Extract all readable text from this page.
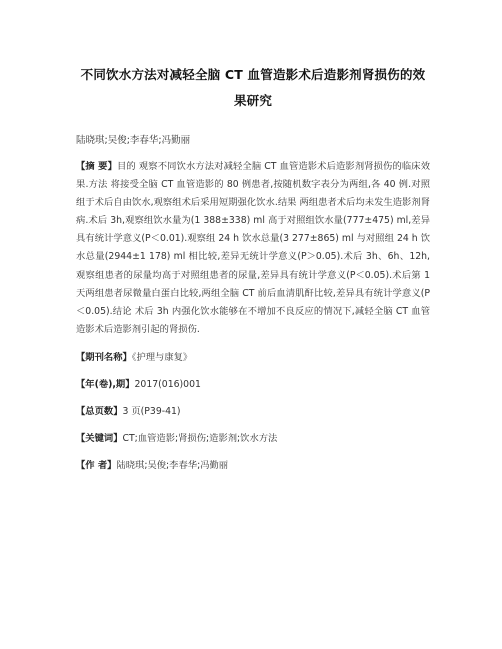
不同饮水方法对减轻全脑 CT 血管造影术后造影剂肾损伤的效果研究
陆晓琪;吴俊;李春华;冯勤丽
【摘 要】目的 观察不同饮水方法对减轻全脑 CT 血管造影术后造影剂肾损伤的临床效果.方法 将接受全脑 CT 血管造影的 80 例患者,按随机数字表分为两组,各 40 例.对照组于术后自由饮水,观察组术后采用短期强化饮水.结果 两组患者术后均未发生造影剂肾病.术后 3h,观察组饮水量为(1 388±338) ml 高于对照组饮水量(777±475) ml,差异具有统计学意义(P＜0.01).观察组 24 h 饮水总量(3 277±865) ml 与对照组 24 h 饮水总量(2944±1 178) ml 相比较,差异无统计学意义(P＞0.05).术后 3h、6h、12h,观察组患者的尿量均高于对照组患者的尿量,差异具有统计学意义(P＜0.05).术后第 1 天两组患者尿微量白蛋白比较,两组全脑 CT 前后血清肌酐比较,差异具有统计学意义(P＜0.05).结论 术后 3h 内强化饮水能够在不增加不良反应的情况下,减轻全脑 CT 血管造影术后造影剂引起的肾损伤.
【期刊名称】《护理与康复》
【年(卷),期】2017(016)001
【总页数】3 页(P39-41)
【关键词】CT;血管造影;肾损伤;造影剂;饮水方法
【作 者】陆晓琪;吴俊;李春华;冯勤丽
